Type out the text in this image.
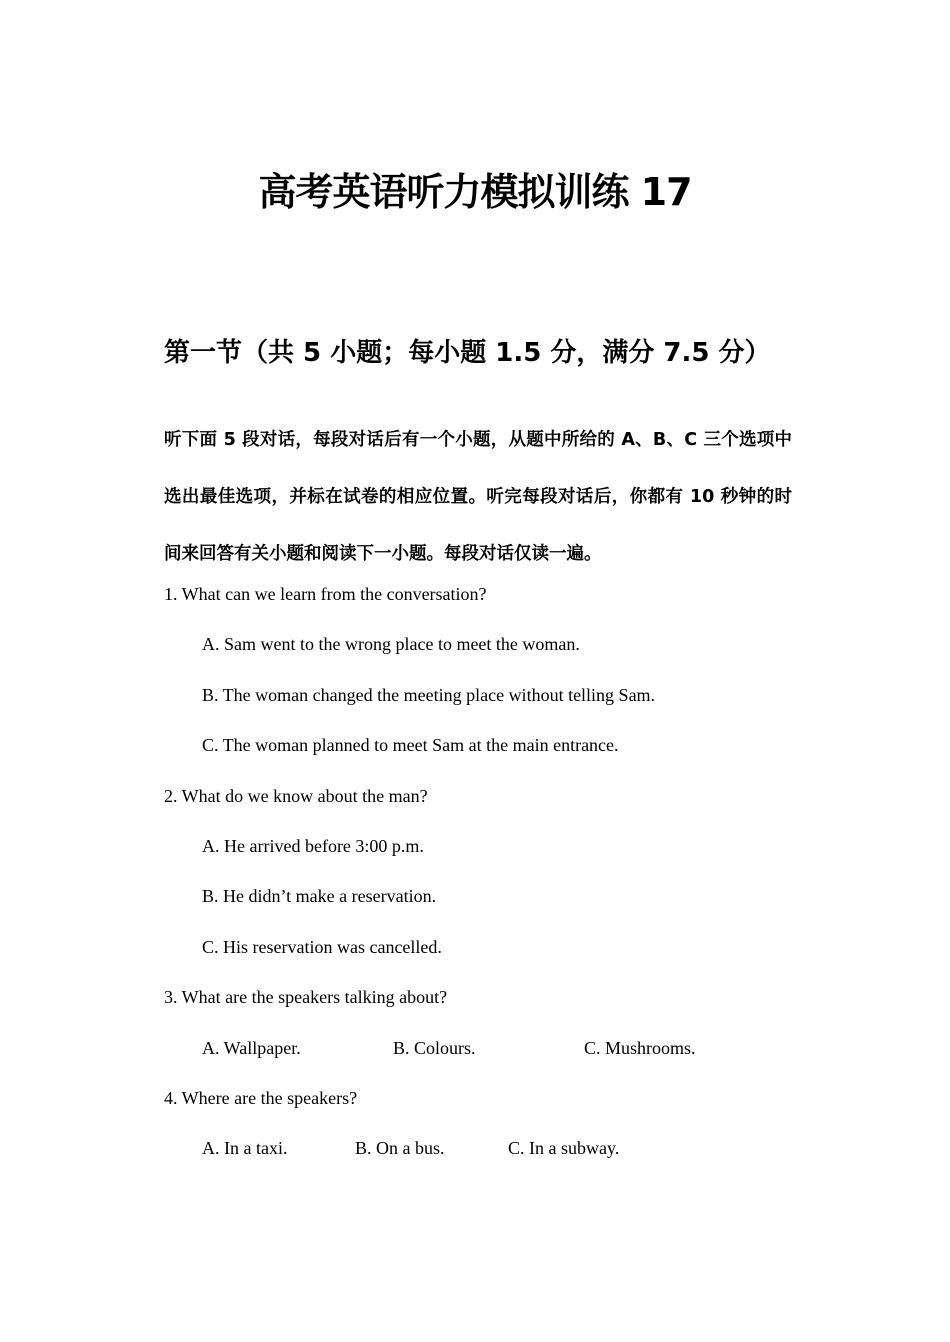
高考英语听力模拟训练 17
第一节（共 5 小题；每小题 1.5 分，满分 7.5 分）
听下面 5 段对话，每段对话后有一个小题，从题中所给的 A、B、C 三个选项中选出最佳选项，并标在试卷的相应位置。听完每段对话后，你都有 10 秒钟的时间来回答有关小题和阅读下一小题。每段对话仅读一遍。
1. What can we learn from the conversation?
A. Sam went to the wrong place to meet the woman.
B. The woman changed the meeting place without telling Sam.
C. The woman planned to meet Sam at the main entrance.
2. What do we know about the man?
A. He arrived before 3:00 p.m.
B. He didn’t make a reservation.
C. His reservation was cancelled.
3. What are the speakers talking about?
A. Wallpaper.	B. Colours.	C. Mushrooms.
4. Where are the speakers?
A. In a taxi.	B. On a bus.	C. In a subway.
